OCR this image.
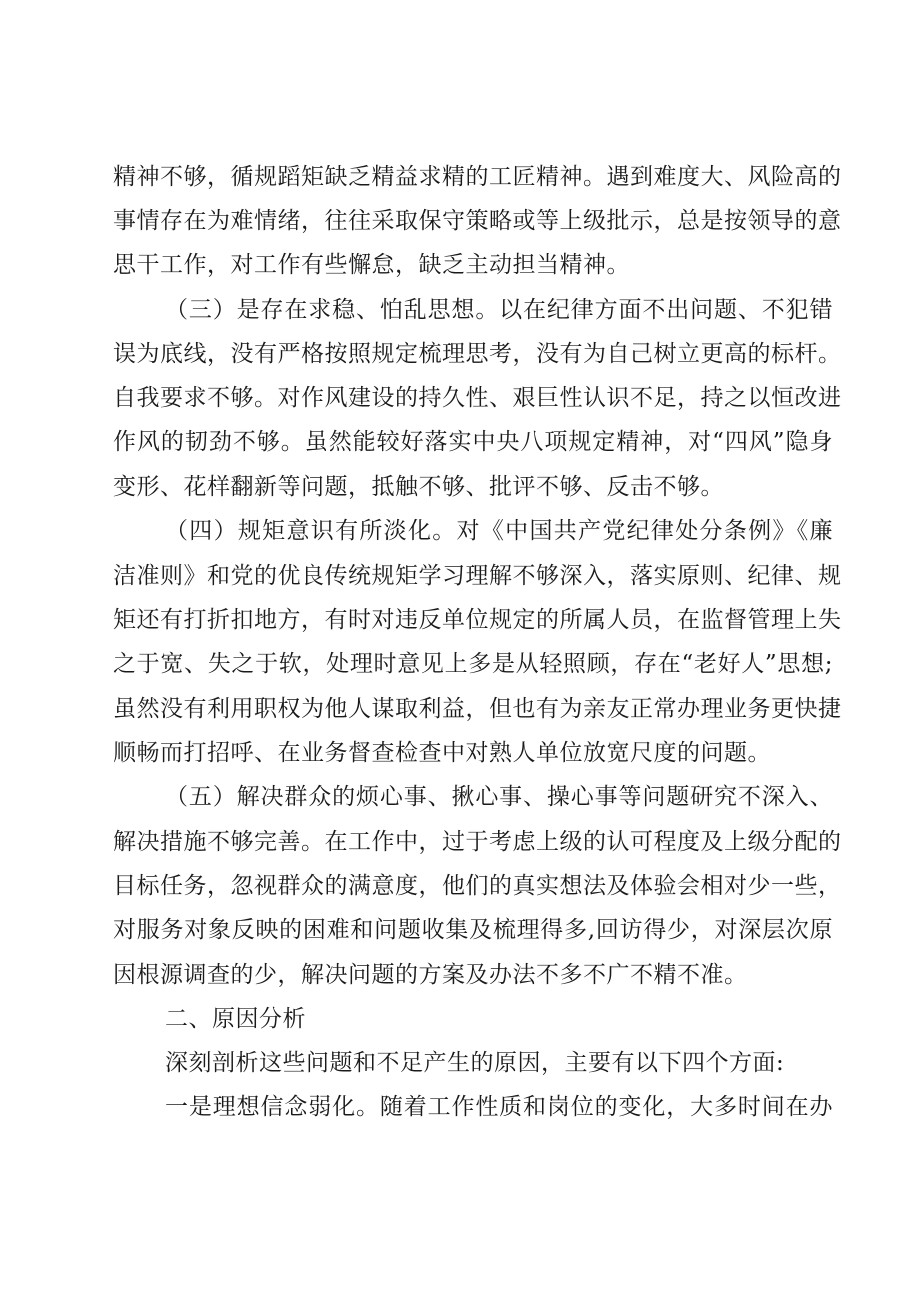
精神不够，循规蹈矩缺乏精益求精的工匠精神。遇到难度大、风险高的
事情存在为难情绪，往往采取保守策略或等上级批示，总是按领导的意
思干工作，对工作有些懈怠，缺乏主动担当精神。
（三）是存在求稳、怕乱思想。以在纪律方面不出问题、不犯错
误为底线，没有严格按照规定梳理思考，没有为自己树立更高的标杆。
自我要求不够。对作风建设的持久性、艰巨性认识不足，持之以恒改进
作风的韧劲不够。虽然能较好落实中央八项规定精神，对“四风”隐身
变形、花样翻新等问题，抵触不够、批评不够、反击不够。
（四）规矩意识有所淡化。对《中国共产党纪律处分条例》《廉
洁准则》和党的优良传统规矩学习理解不够深入，落实原则、纪律、规
矩还有打折扣地方，有时对违反单位规定的所属人员，在监督管理上失
之于宽、失之于软，处理时意见上多是从轻照顾，存在“老好人”思想;
虽然没有利用职权为他人谋取利益，但也有为亲友正常办理业务更快捷
顺畅而打招呼、在业务督查检查中对熟人单位放宽尺度的问题。
（五）解决群众的烦心事、揪心事、操心事等问题研究不深入、
解决措施不够完善。在工作中，过于考虑上级的认可程度及上级分配的
目标任务，忽视群众的满意度，他们的真实想法及体验会相对少一些，
对服务对象反映的困难和问题收集及梳理得多,回访得少，对深层次原
因根源调查的少，解决问题的方案及办法不多不广不精不准。
二、原因分析
深刻剖析这些问题和不足产生的原因，主要有以下四个方面:
一是理想信念弱化。随着工作性质和岗位的变化，大多时间在办
